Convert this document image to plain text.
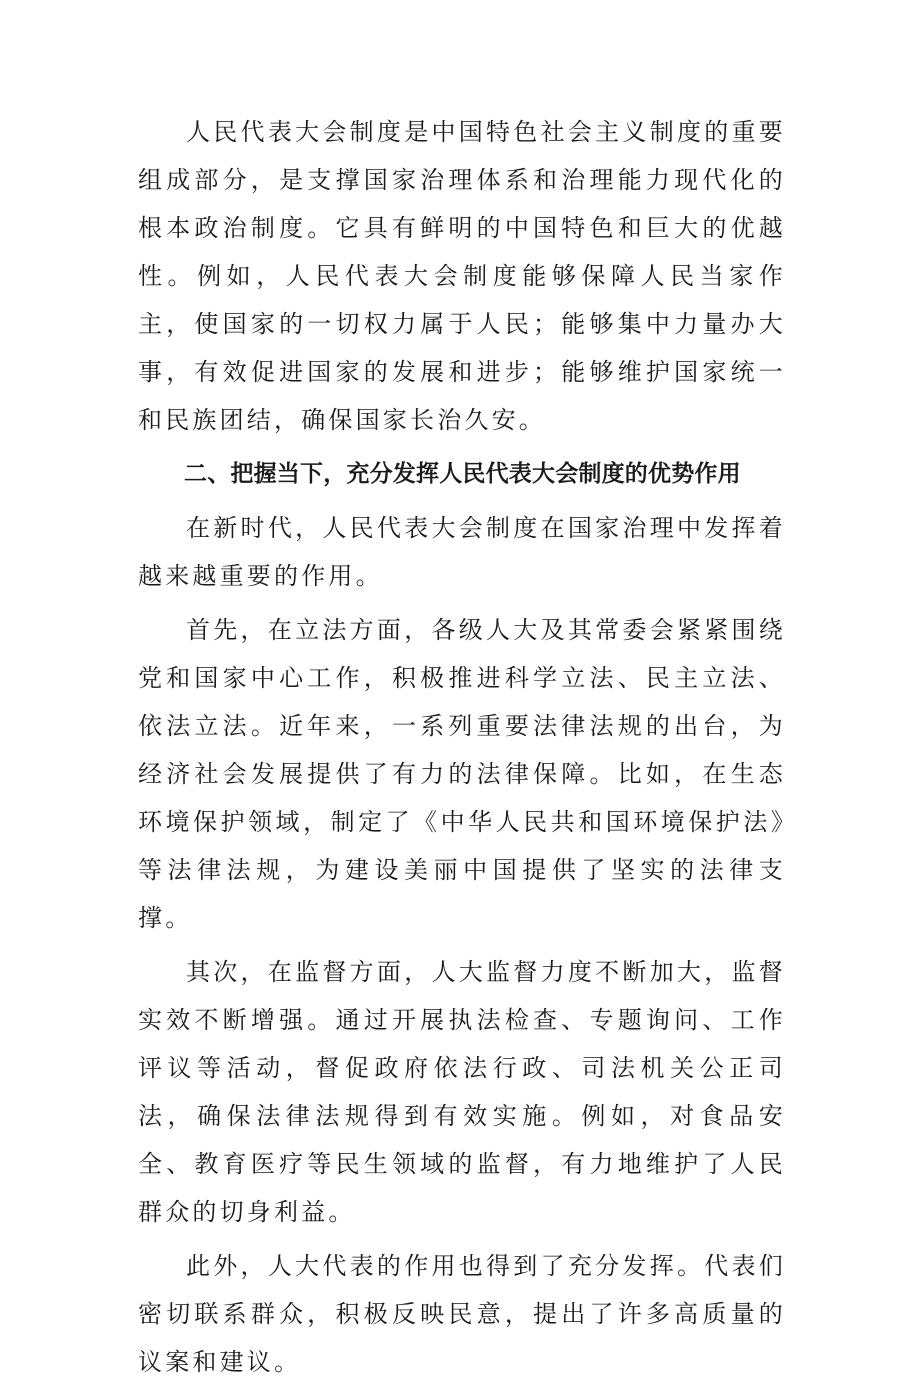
人民代表大会制度是中国特色社会主义制度的重要组成部分，是支撑国家治理体系和治理能力现代化的根本政治制度。它具有鲜明的中国特色和巨大的优越性。例如，人民代表大会制度能够保障人民当家作主，使国家的一切权力属于人民；能够集中力量办大事，有效促进国家的发展和进步；能够维护国家统一和民族团结，确保国家长治久安。

二、把握当下，充分发挥人民代表大会制度的优势作用

在新时代，人民代表大会制度在国家治理中发挥着越来越重要的作用。

首先，在立法方面，各级人大及其常委会紧紧围绕党和国家中心工作，积极推进科学立法、民主立法、依法立法。近年来，一系列重要法律法规的出台，为经济社会发展提供了有力的法律保障。比如，在生态环境保护领域，制定了《中华人民共和国环境保护法》等法律法规，为建设美丽中国提供了坚实的法律支撑。

其次，在监督方面，人大监督力度不断加大，监督实效不断增强。通过开展执法检查、专题询问、工作评议等活动，督促政府依法行政、司法机关公正司法，确保法律法规得到有效实施。例如，对食品安全、教育医疗等民生领域的监督，有力地维护了人民群众的切身利益。

此外，人大代表的作用也得到了充分发挥。代表们密切联系群众，积极反映民意，提出了许多高质量的议案和建议。
